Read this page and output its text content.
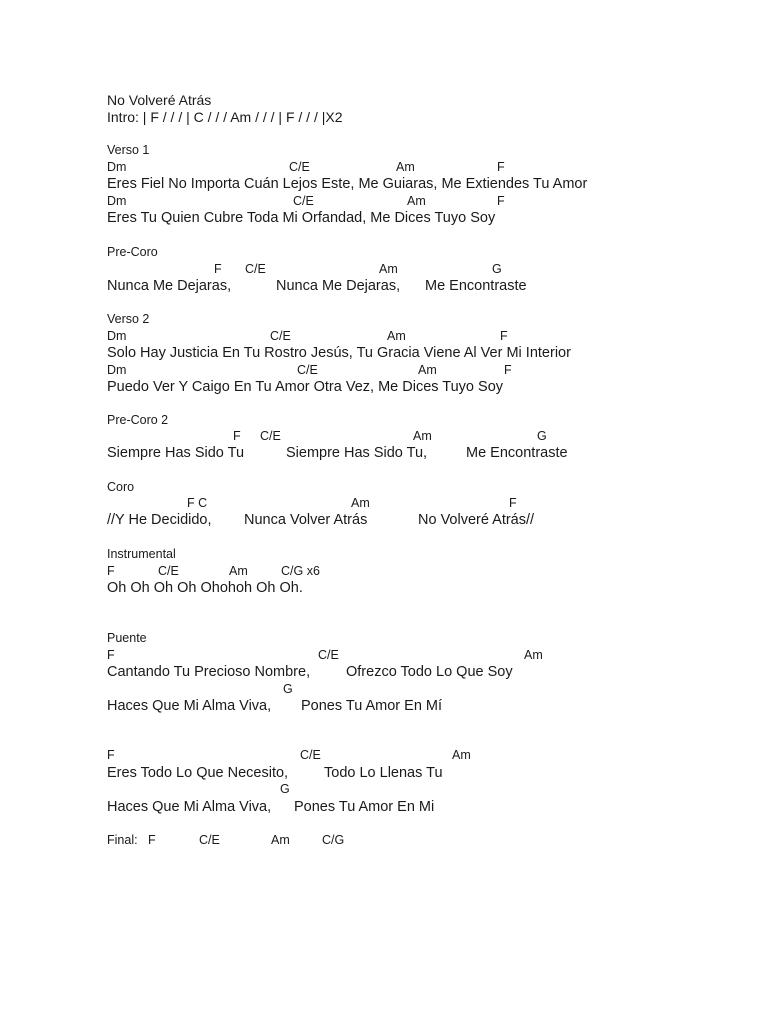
No Volveré Atrás
Intro: | F / / / | C / / / Am / / / | F / / / |X2
Verso 1
Dm	C/E	Am	F
Eres Fiel No Importa Cuán Lejos Este, Me Guiaras, Me Extiendes Tu Amor
Dm	C/E	Am	F
Eres Tu Quien Cubre Toda Mi Orfandad, Me Dices Tuyo Soy
Pre-Coro
F C/E	Am	G
Nunca Me Dejaras,	Nunca Me Dejaras, Me Encontraste
Verso 2
Dm	C/E	Am	F
Solo Hay Justicia En Tu Rostro Jesús, Tu Gracia Viene Al Ver Mi Interior
Dm	C/E	Am	F
Puedo Ver Y Caigo En Tu Amor Otra Vez, Me Dices Tuyo Soy
Pre-Coro 2
F C/E	Am	G
Siempre Has Sido Tu	Siempre Has Sido Tu,	Me Encontraste
Coro
F C	Am	F
//Y He Decidido, Nunca Volver Atrás	No Volveré Atrás//
Instrumental
F	C/E	Am	C/G x6
Oh Oh Oh Oh Ohohoh Oh Oh.
Puente
F	C/E	Am
Cantando Tu Precioso Nombre, Ofrezco Todo Lo Que Soy
G
Haces Que Mi Alma Viva, Pones Tu Amor En Mí
F	C/E	Am
Eres Todo Lo Que Necesito, Todo Lo Llenas Tu
G
Haces Que Mi Alma Viva, Pones Tu Amor En Mi
Final: F	C/E	Am	C/G
